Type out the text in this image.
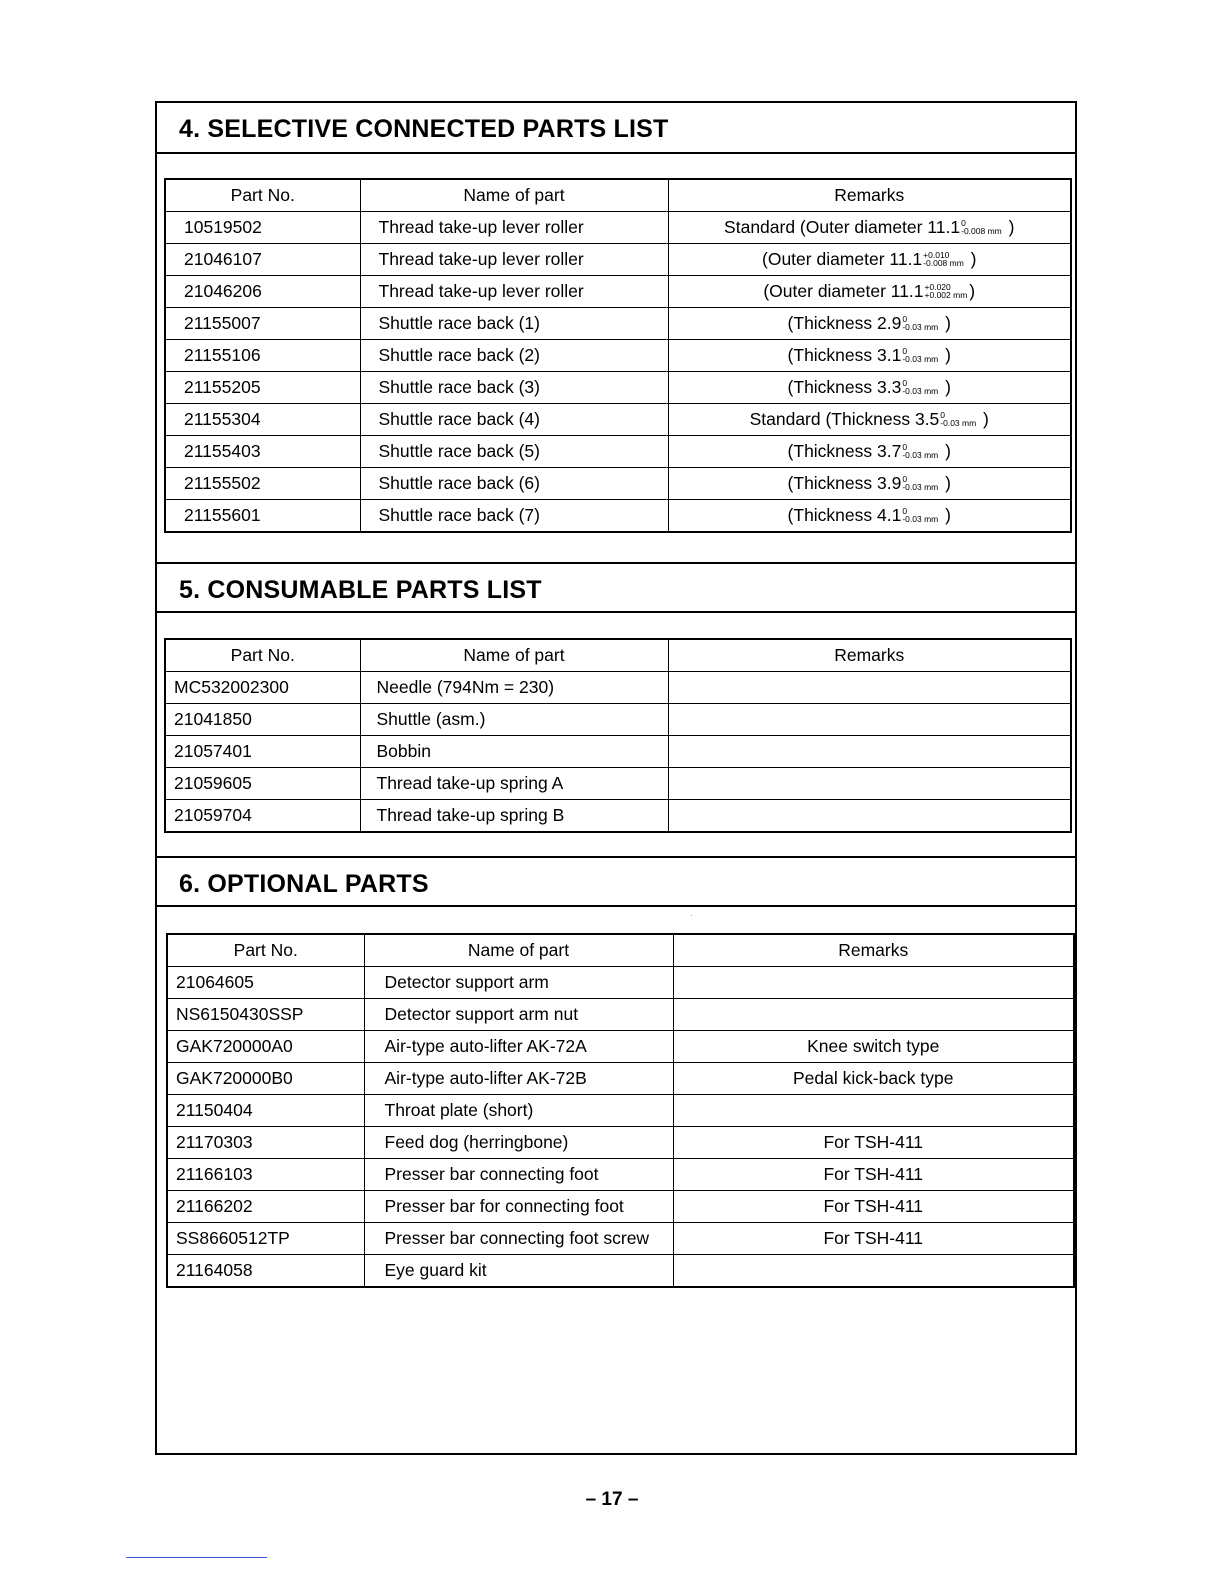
4. SELECTIVE CONNECTED PARTS LIST
Part No.	Name of part	Remarks
10519502	Thread take-up lever roller	Standard (Outer diameter 11.1 0
-0.008 mm )
21046107	Thread take-up lever roller	(Outer diameter 11.1 +0.010
-0.008 mm )
21046206	Thread take-up lever roller	(Outer diameter 11.1 +0.020
+0.002 mm )
21155007	Shuttle race back (1)	(Thickness 2.9 0
-0.03 mm )
21155106	Shuttle race back (2)	(Thickness 3.1 0
-0.03 mm )
21155205	Shuttle race back (3)	(Thickness 3.3 0
-0.03 mm )
21155304	Shuttle race back (4)	Standard (Thickness 3.5 0
-0.03 mm )
21155403	Shuttle race back (5)	(Thickness 3.7 0
-0.03 mm )
21155502	Shuttle race back (6)	(Thickness 3.9 0
-0.03 mm )
21155601	Shuttle race back (7)	(Thickness 4.1 0
-0.03 mm )
5. CONSUMABLE PARTS LIST
Part No.	Name of part	Remarks
MC532002300	Needle (794Nm = 230)	
21041850	Shuttle (asm.)	
21057401	Bobbin	
21059605	Thread take-up spring A	
21059704	Thread take-up spring B	
6. OPTIONAL PARTS
Part No.	Name of part	Remarks
21064605	Detector support arm	
NS6150430SSP	Detector support arm nut	
GAK720000A0	Air-type auto-lifter AK-72A	Knee switch type
GAK720000B0	Air-type auto-lifter AK-72B	Pedal kick-back type
21150404	Throat plate (short)	
21170303	Feed dog (herringbone)	For TSH-411
21166103	Presser bar connecting foot	For TSH-411
21166202	Presser bar for connecting foot	For TSH-411
SS8660512TP	Presser bar connecting foot screw	For TSH-411
21164058	Eye guard kit	
– 17 –
